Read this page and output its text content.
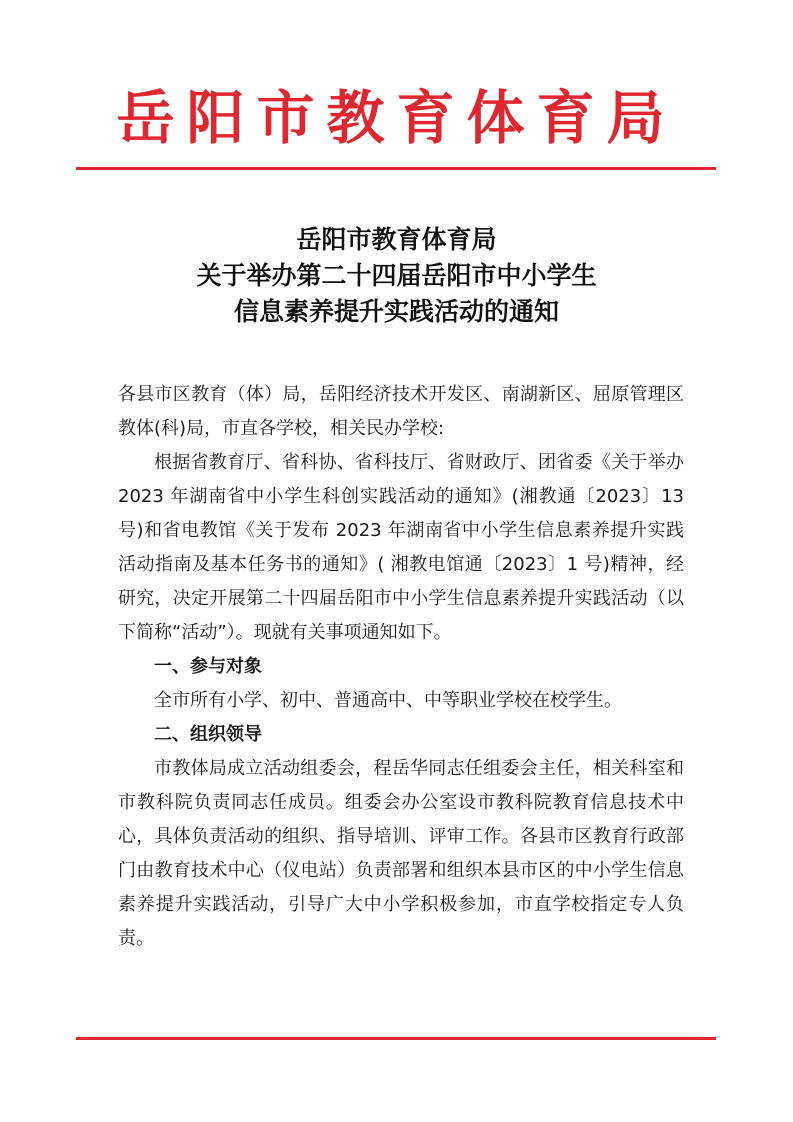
岳阳市教育体育局
岳阳市教育体育局
关于举办第二十四届岳阳市中小学生
信息素养提升实践活动的通知

各县市区教育（体）局，岳阳经济技术开发区、南湖新区、屈原管理区教体(科)局，市直各学校，相关民办学校:

根据省教育厅、省科协、省科技厅、省财政厅、团省委《关于举办 2023 年湖南省中小学生科创实践活动的通知》(湘教通〔2023〕13 号)和省电教馆《关于发布 2023 年湖南省中小学生信息素养提升实践活动指南及基本任务书的通知》( 湘教电馆通〔2023〕1 号)精神，经研究，决定开展第二十四届岳阳市中小学生信息素养提升实践活动（以下简称“活动”）。现就有关事项通知如下。

一、参与对象

全市所有小学、初中、普通高中、中等职业学校在校学生。

二、组织领导

市教体局成立活动组委会，程岳华同志任组委会主任，相关科室和市教科院负责同志任成员。组委会办公室设市教科院教育信息技术中心，具体负责活动的组织、指导培训、评审工作。各县市区教育行政部门由教育技术中心（仪电站）负责部署和组织本县市区的中小学生信息素养提升实践活动，引导广大中小学积极参加，市直学校指定专人负责。
